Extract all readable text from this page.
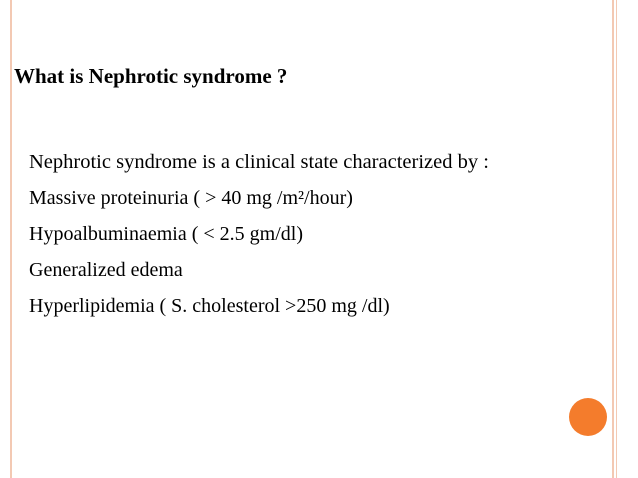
What is Nephrotic syndrome ?
Nephrotic syndrome is a clinical state characterized by :
Massive proteinuria ( > 40 mg /m²/hour)
Hypoalbuminaemia ( < 2.5 gm/dl)
Generalized edema
Hyperlipidemia ( S. cholesterol >250 mg /dl)
